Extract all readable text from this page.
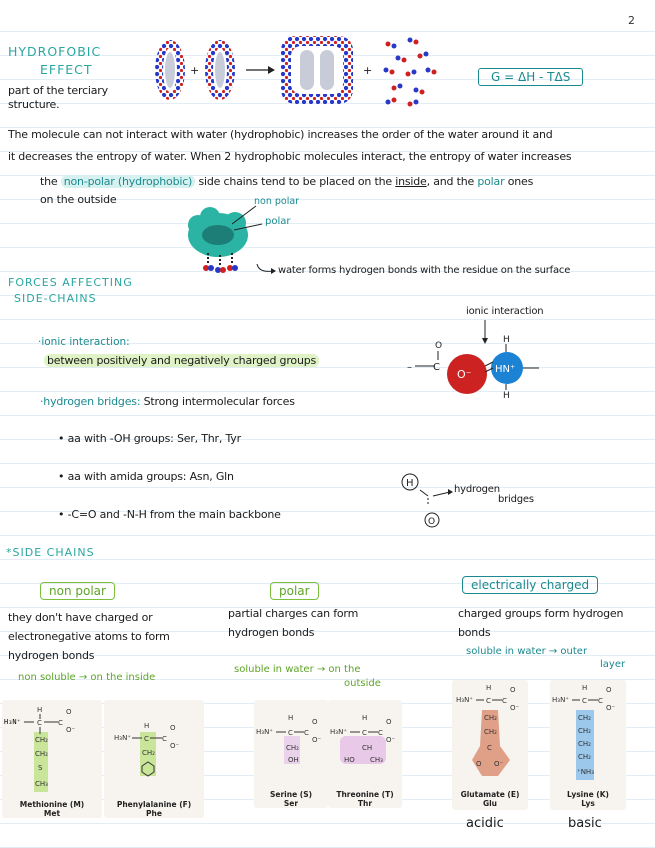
2
HYDROFOBIC
EFFECT
part of the terciary structure.
+	+	G = ΔH - TΔS
The molecule can not interact with water (hydrophobic) increases the order of the water around it and
it decreases the entropy of water. When 2 hydrophobic molecules interact, the entropy of water increases
the non-polar (hydrophobic) side chains tend to be placed on the inside, and the polar ones
on the outside	non polar
polar
water forms hydrogen bonds with the residue on the surface
FORCES AFFECTING
SIDE-CHAINS
·ionic interaction:
between positively and negatively charged groups
·hydrogen bridges: Strong intermolecular forces
• aa with -OH groups: Ser, Thr, Tyr
• aa with amida groups: Asn, Gln
• -C=O and -N-H from the main backbone
ionic interaction
– C
O
O⁻ HN⁺
H
H
H
O
hydrogen
bridges
*SIDE CHAINS
non polar
they don't have charged or
electronegative atoms to form
hydrogen bonds
non soluble → on the inside
polar
partial charges can form
hydrogen bonds
soluble in water → on the
outside
electrically charged
charged groups form hydrogen
bonds
soluble in water → outer
layer
H₃N⁺
H
C C
O
O⁻
CH₂
CH₂
S
CH₃
Methionine (M)
Met
H₃N⁺
H
C C
O
O⁻
CH₂
Phenylalanine (F)
Phe
H₃N⁺
H
C C
O
O⁻
CH₂
OH
Serine (S)
Ser
H₃N⁺
H
C C
O
O⁻
CH
HO CH₃
Threonine (T)
Thr
H₃N⁺
H
C C
O
O⁻
CH₂
CH₂
C
O O⁻
Glutamate (E)
Glu
H₃N⁺
H
C C
O
O⁻
CH₂
CH₂
CH₂
CH₂
⁺NH₃
Lysine (K)
Lys
acidic	basic
